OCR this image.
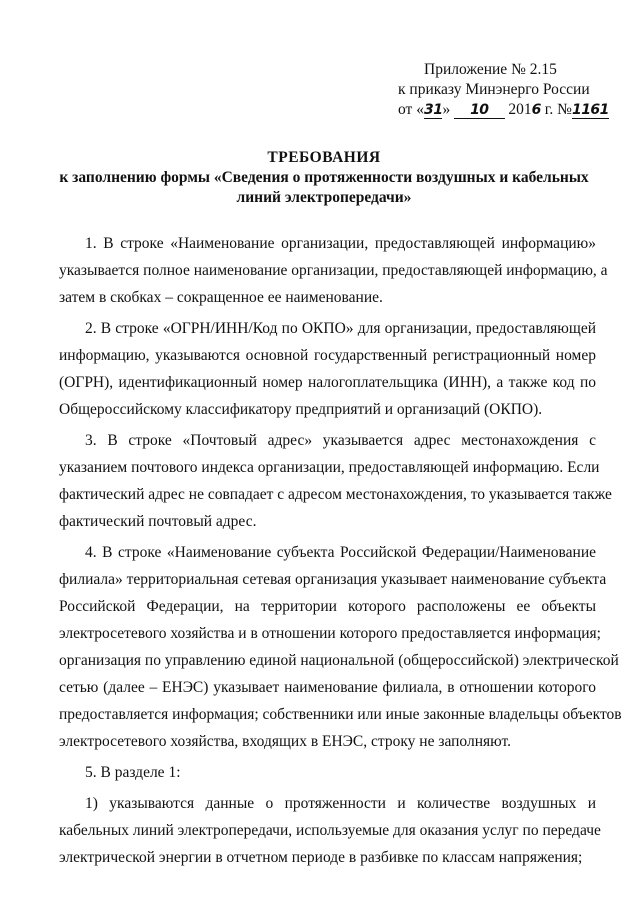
Приложение № 2.15
к приказу Минэнерго России
от «31» 10 2016 г. №1161
ТРЕБОВАНИЯ
к заполнению формы «Сведения о протяженности воздушных и кабельных
линий электропередачи»
1. В строке «Наименование организации, предоставляющей информацию»
указывается полное наименование организации, предоставляющей информацию, а
затем в скобках – сокращенное ее наименование.
2. В строке «ОГРН/ИНН/Код по ОКПО» для организации, предоставляющей
информацию, указываются основной государственный регистрационный номер
(ОГРН), идентификационный номер налогоплательщика (ИНН), а также код по
Общероссийскому классификатору предприятий и организаций (ОКПО).
3. В строке «Почтовый адрес» указывается адрес местонахождения с
указанием почтового индекса организации, предоставляющей информацию. Если
фактический адрес не совпадает с адресом местонахождения, то указывается также
фактический почтовый адрес.
4. В строке «Наименование субъекта Российской Федерации/Наименование
филиала» территориальная сетевая организация указывает наименование субъекта
Российской Федерации, на территории которого расположены ее объекты
электросетевого хозяйства и в отношении которого предоставляется информация;
организация по управлению единой национальной (общероссийской) электрической
сетью (далее – ЕНЭС) указывает наименование филиала, в отношении которого
предоставляется информация; собственники или иные законные владельцы объектов
электросетевого хозяйства, входящих в ЕНЭС, строку не заполняют.
5. В разделе 1:
1) указываются данные о протяженности и количестве воздушных и
кабельных линий электропередачи, используемые для оказания услуг по передаче
электрической энергии в отчетном периоде в разбивке по классам напряжения;
